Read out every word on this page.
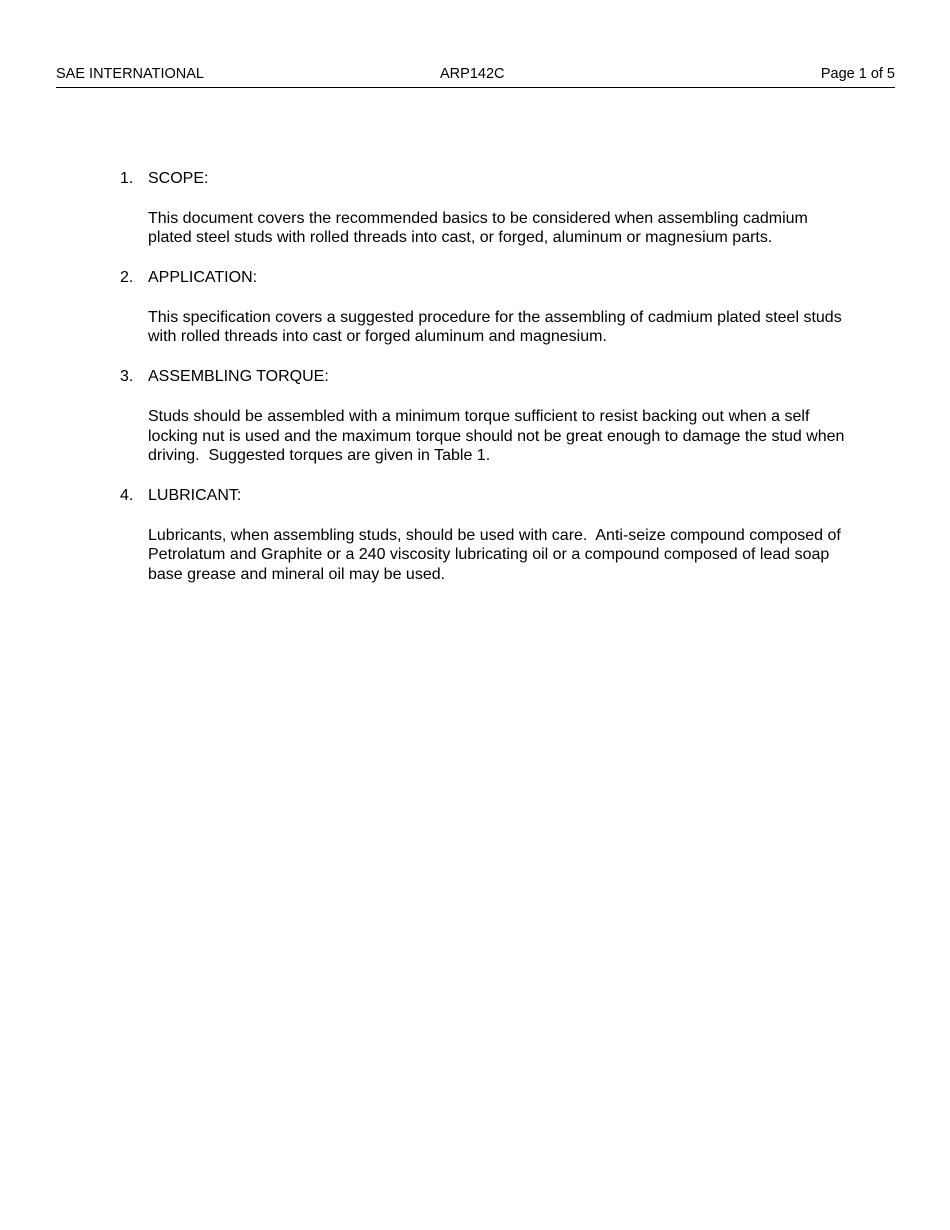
SAE INTERNATIONAL	ARP142C	Page 1 of 5
1. SCOPE:

This document covers the recommended basics to be considered when assembling cadmium plated steel studs with rolled threads into cast, or forged, aluminum or magnesium parts.

2. APPLICATION:

This specification covers a suggested procedure for the assembling of cadmium plated steel studs with rolled threads into cast or forged aluminum and magnesium.

3. ASSEMBLING TORQUE:

Studs should be assembled with a minimum torque sufficient to resist backing out when a self locking nut is used and the maximum torque should not be great enough to damage the stud when driving.  Suggested torques are given in Table 1.

4. LUBRICANT:

Lubricants, when assembling studs, should be used with care.  Anti-seize compound composed of Petrolatum and Graphite or a 240 viscosity lubricating oil or a compound composed of lead soap base grease and mineral oil may be used.
